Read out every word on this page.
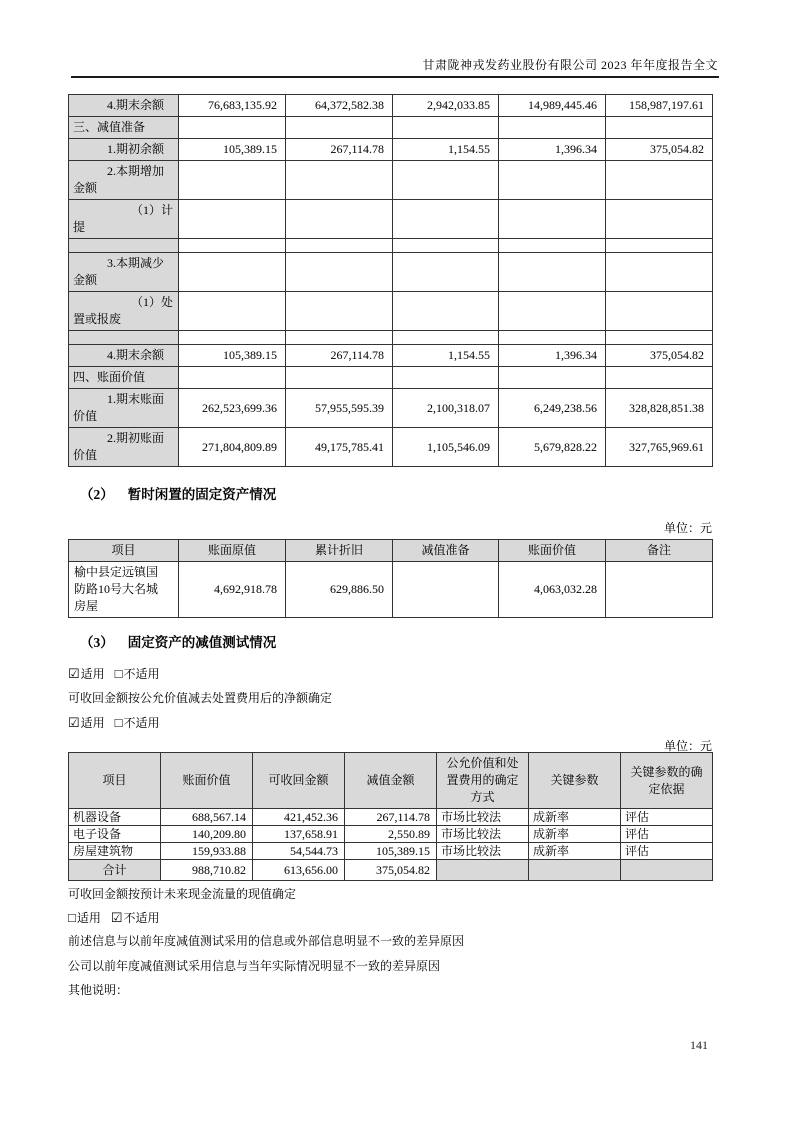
甘肃陇神戎发药业股份有限公司 2023 年年度报告全文
4.期末余额	76,683,135.92	64,372,582.38	2,942,033.85	14,989,445.46	158,987,197.61
三、减值准备					
1.期初余额	105,389.15	267,114.78	1,154.55	1,396.34	375,054.82
2.本期增加金额					
（1）计提					

3.本期减少金额					
（1）处置或报废					

4.期末余额	105,389.15	267,114.78	1,154.55	1,396.34	375,054.82
四、账面价值					
1.期末账面价值	262,523,699.36	57,955,595.39	2,100,318.07	6,249,238.56	328,828,851.38
2.期初账面价值	271,804,809.89	49,175,785.41	1,105,546.09	5,679,828.22	327,765,969.61
（2） 暂时闲置的固定资产情况
单位：元
项目	账面原值	累计折旧	减值准备	账面价值	备注
榆中县定远镇国防路10号大名城房屋	4,692,918.78	629,886.50		4,063,032.28	
（3） 固定资产的减值测试情况
☑适用 □不适用
可收回金额按公允价值减去处置费用后的净额确定
☑适用 □不适用
单位：元
项目	账面价值	可收回金额	减值金额	公允价值和处置费用的确定方式	关键参数	关键参数的确定依据
机器设备	688,567.14	421,452.36	267,114.78	市场比较法	成新率	评估
电子设备	140,209.80	137,658.91	2,550.89	市场比较法	成新率	评估
房屋建筑物	159,933.88	54,544.73	105,389.15	市场比较法	成新率	评估
合计	988,710.82	613,656.00	375,054.82			
可收回金额按预计未来现金流量的现值确定
□适用 ☑不适用
前述信息与以前年度减值测试采用的信息或外部信息明显不一致的差异原因
公司以前年度减值测试采用信息与当年实际情况明显不一致的差异原因
其他说明：
141
